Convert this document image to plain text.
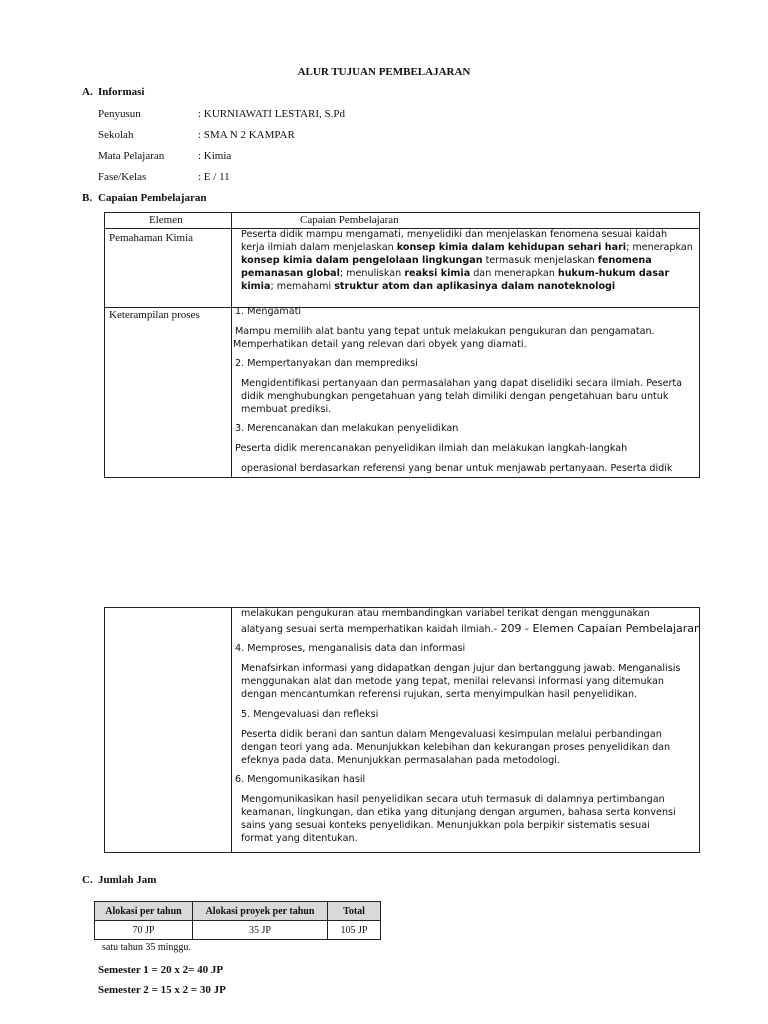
ALUR TUJUAN PEMBELAJARAN
A. Informasi
Penyusun	: KURNIAWATI LESTARI, S.Pd
Sekolah	: SMA N 2 KAMPAR
Mata Pelajaran	: Kimia
Fase/Kelas	: E / 11
B. Capaian Pembelajaran
Elemen	Capaian Pembelajaran
Pemahaman Kimia	Peserta didik mampu mengamati, menyelidiki dan menjelaskan fenomena sesuai kaidah
kerja ilmiah dalam menjelaskan konsep kimia dalam kehidupan sehari hari; menerapkan
konsep kimia dalam pengelolaan lingkungan termasuk menjelaskan fenomena
pemanasan global; menuliskan reaksi kimia dan menerapkan hukum-hukum dasar
kimia; memahami struktur atom dan aplikasinya dalam nanoteknologi
Keterampilan proses	1. Mengamati
Mampu memilih alat bantu yang tepat untuk melakukan pengukuran dan pengamatan.
Memperhatikan detail yang relevan dari obyek yang diamati.
2. Mempertanyakan dan memprediksi
Mengidentifikasi pertanyaan dan permasalahan yang dapat diselidiki secara ilmiah. Peserta
didik menghubungkan pengetahuan yang telah dimiliki dengan pengetahuan baru untuk
membuat prediksi.
3. Merencanakan dan melakukan penyelidikan
Peserta didik merencanakan penyelidikan ilmiah dan melakukan langkah-langkah
operasional berdasarkan referensi yang benar untuk menjawab pertanyaan. Peserta didik
melakukan pengukuran atau membandingkan variabel terikat dengan menggunakan
alatyang sesuai serta memperhatikan kaidah ilmiah.- 209 - Elemen Capaian Pembelajaran
4. Memproses, menganalisis data dan informasi
Menafsirkan informasi yang didapatkan dengan jujur dan bertanggung jawab. Menganalisis
menggunakan alat dan metode yang tepat, menilai relevansi informasi yang ditemukan
dengan mencantumkan referensi rujukan, serta menyimpulkan hasil penyelidikan.
5. Mengevaluasi dan refleksi
Peserta didik berani dan santun dalam Mengevaluasi kesimpulan melalui perbandingan
dengan teori yang ada. Menunjukkan kelebihan dan kekurangan proses penyelidikan dan
efeknya pada data. Menunjukkan permasalahan pada metodologi.
6. Mengomunikasikan hasil
Mengomunikasikan hasil penyelidikan secara utuh termasuk di dalamnya pertimbangan
keamanan, lingkungan, dan etika yang ditunjang dengan argumen, bahasa serta konvensi
sains yang sesuai konteks penyelidikan. Menunjukkan pola berpikir sistematis sesuai
format yang ditentukan.
C. Jumlah Jam
Alokasi per tahun	Alokasi proyek per tahun	Total
70 JP	35 JP	105 JP
satu tahun 35 minggu.
Semester 1 = 20 x 2= 40 JP
Semester 2 = 15 x 2 = 30 JP
